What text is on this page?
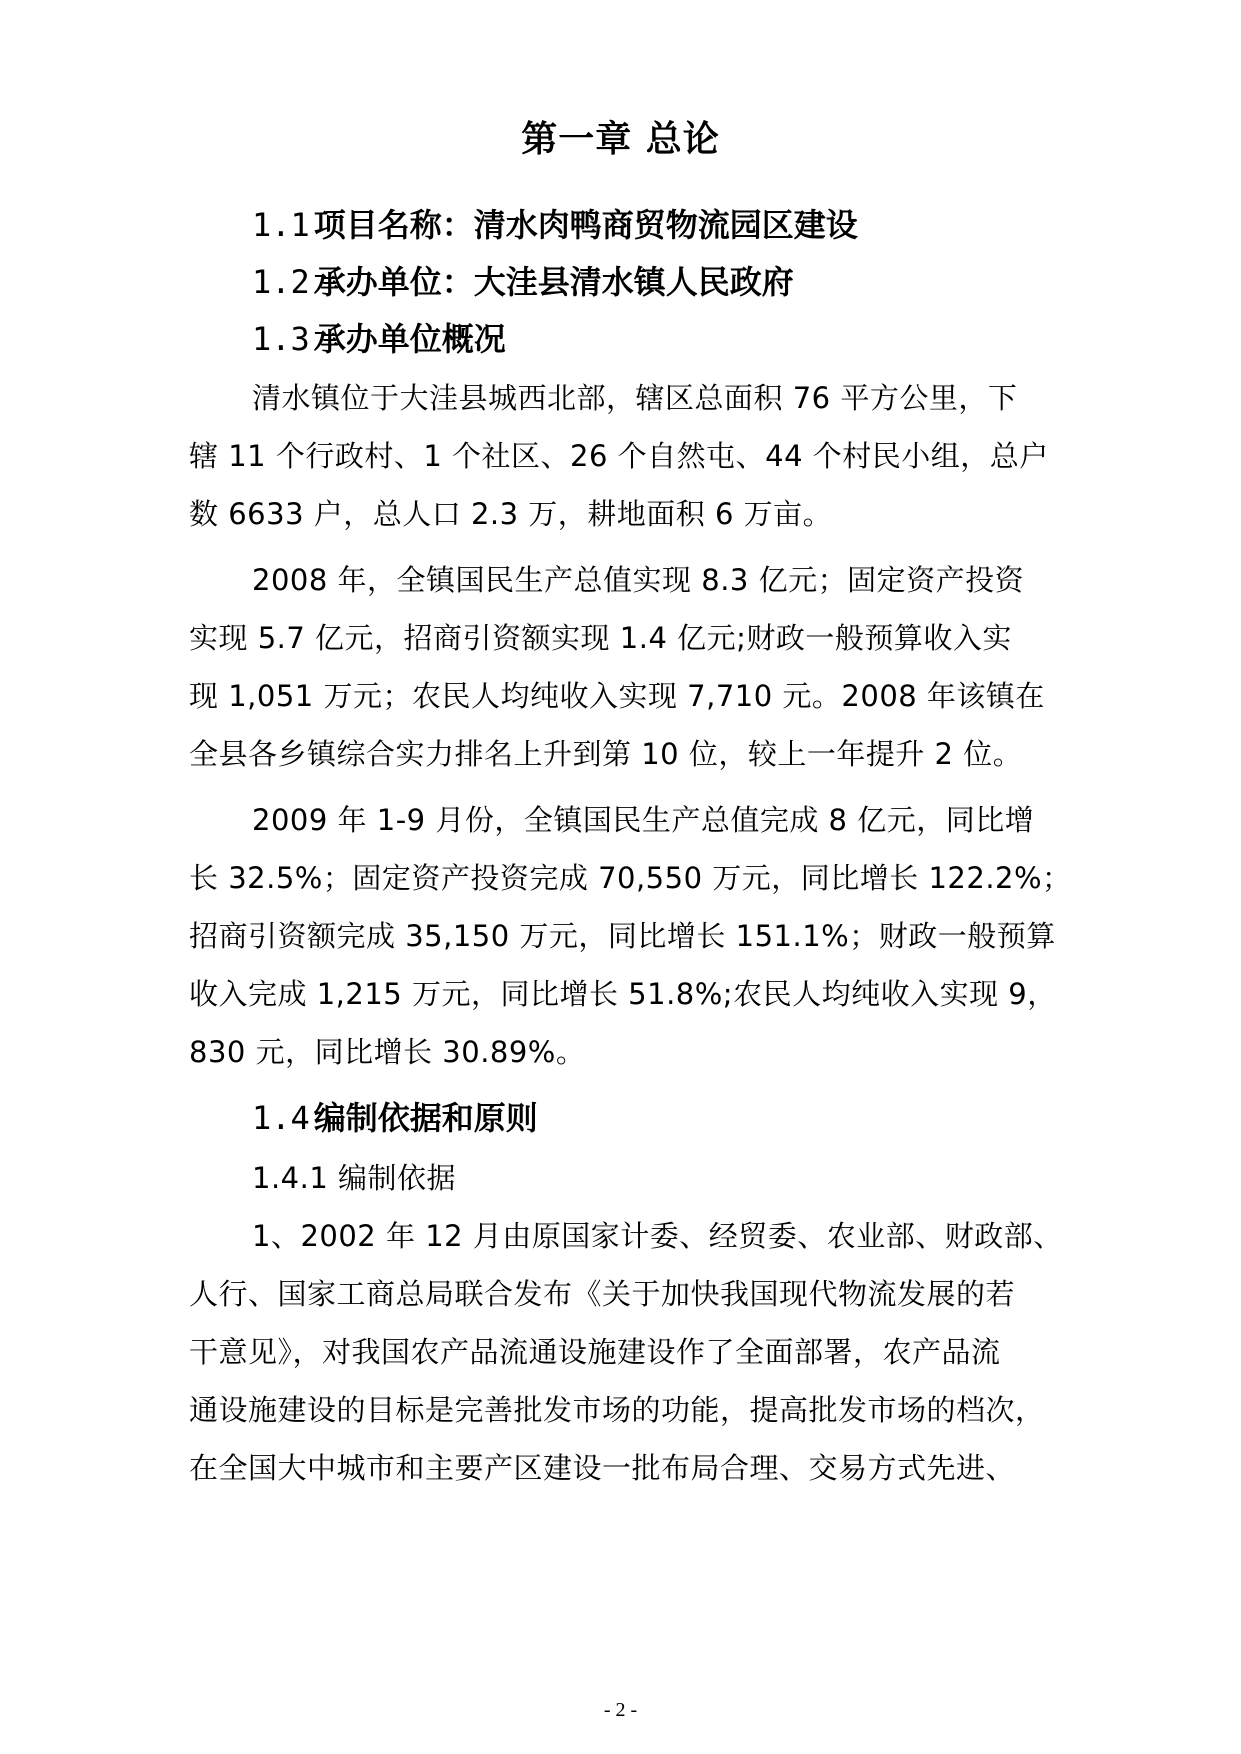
第一章 总论
1.1 项目名称：清水肉鸭商贸物流园区建设
1.2 承办单位：大洼县清水镇人民政府
1.3 承办单位概况
清水镇位于大洼县城西北部，辖区总面积 76 平方公里，下
辖 11 个行政村、1 个社区、26 个自然屯、44 个村民小组，总户
数 6633 户，总人口 2.3 万，耕地面积 6 万亩。
2008 年，全镇国民生产总值实现 8.3 亿元；固定资产投资
实现 5.7 亿元，招商引资额实现 1.4 亿元;财政一般预算收入实
现 1,051 万元；农民人均纯收入实现 7,710 元。2008 年该镇在
全县各乡镇综合实力排名上升到第 10 位，较上一年提升 2 位。
2009 年 1-9 月份，全镇国民生产总值完成 8 亿元，同比增
长 32.5%；固定资产投资完成 70,550 万元，同比增长 122.2%；
招商引资额完成 35,150 万元，同比增长 151.1%；财政一般预算
收入完成 1,215 万元，同比增长 51.8%;农民人均纯收入实现 9，
830 元，同比增长 30.89%。
1.4 编制依据和原则
1.4.1 编制依据
1、2002 年 12 月由原国家计委、经贸委、农业部、财政部、
人行、国家工商总局联合发布《关于加快我国现代物流发展的若
干意见》，对我国农产品流通设施建设作了全面部署，农产品流
通设施建设的目标是完善批发市场的功能，提高批发市场的档次，
在全国大中城市和主要产区建设一批布局合理、交易方式先进、
- 2 -
